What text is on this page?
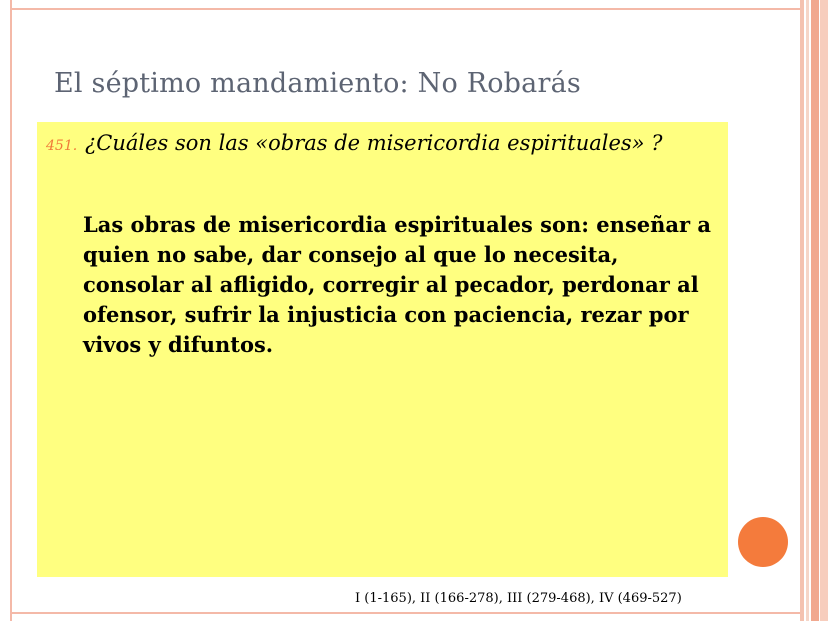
El séptimo mandamiento: No Robarás
451. ¿Cuáles son las «obras de misericordia espirituales» ?

Las obras de misericordia espirituales son: enseñar a quien no sabe, dar consejo al que lo necesita, consolar al afligido, corregir al pecador, perdonar al ofensor, sufrir la injusticia con paciencia, rezar por vivos y difuntos.

I (1-165), II (166-278), III (279-468), IV (469-527)
